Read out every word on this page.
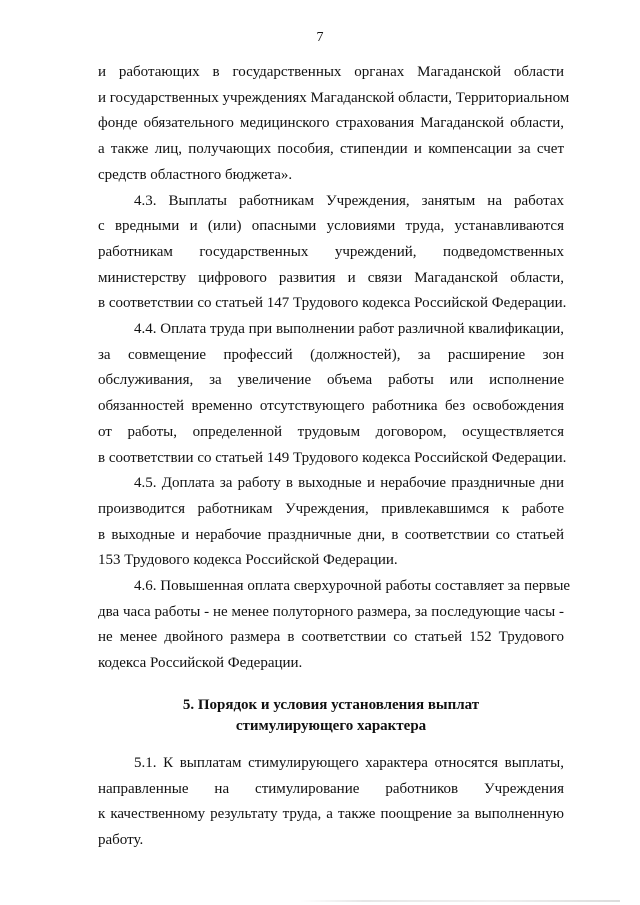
7

и работающих в государственных органах Магаданской области
и государственных учреждениях Магаданской области, Территориальном
фонде обязательного медицинского страхования Магаданской области,
а также лиц, получающих пособия, стипендии и компенсации за счет
средств областного бюджета».

4.3. Выплаты работникам Учреждения, занятым на работах
с вредными и (или) опасными условиями труда, устанавливаются
работникам государственных учреждений, подведомственных
министерству цифрового развития и связи Магаданской области,
в соответствии со статьей 147 Трудового кодекса Российской Федерации.

4.4. Оплата труда при выполнении работ различной квалификации,
за совмещение профессий (должностей), за расширение зон
обслуживания, за увеличение объема работы или исполнение
обязанностей временно отсутствующего работника без освобождения
от работы, определенной трудовым договором, осуществляется
в соответствии со статьей 149 Трудового кодекса Российской Федерации.

4.5. Доплата за работу в выходные и нерабочие праздничные дни
производится работникам Учреждения, привлекавшимся к работе
в выходные и нерабочие праздничные дни, в соответствии со статьей
153 Трудового кодекса Российской Федерации.

4.6. Повышенная оплата сверхурочной работы составляет за первые
два часа работы - не менее полуторного размера, за последующие часы -
не менее двойного размера в соответствии со статьей 152 Трудового
кодекса Российской Федерации.

5. Порядок и условия установления выплат
стимулирующего характера

5.1. К выплатам стимулирующего характера относятся выплаты,
направленные на стимулирование работников Учреждения
к качественному результату труда, а также поощрение за выполненную
работу.
